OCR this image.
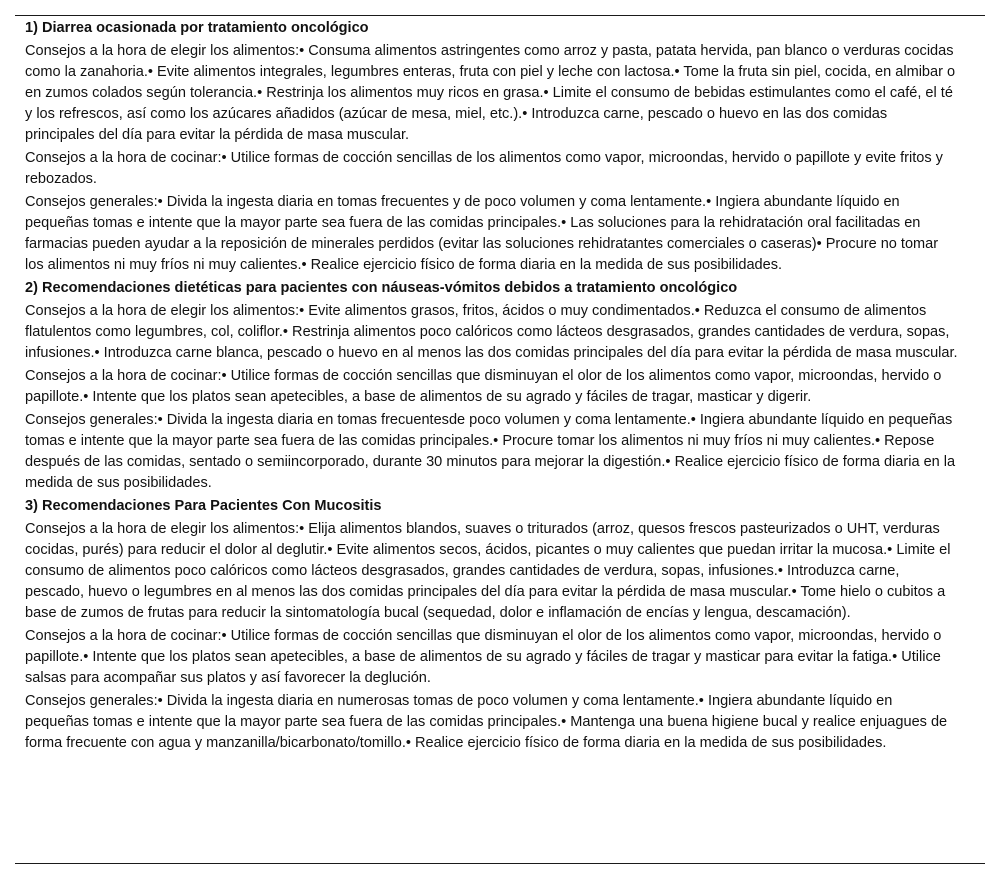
1) Diarrea ocasionada por tratamiento oncológico
Consejos a la hora de elegir los alimentos:• Consuma alimentos astringentes como arroz y pasta, patata hervida, pan blanco o verduras cocidas como la zanahoria.• Evite alimentos integrales, legumbres enteras, fruta con piel y leche con lactosa.• Tome la fruta sin piel, cocida, en almibar o en zumos colados según tolerancia.• Restrinja los alimentos muy ricos en grasa.• Limite el consumo de bebidas estimulantes como el café, el té y los refrescos, así como los azúcares añadidos (azúcar de mesa, miel, etc.).• Introduzca carne, pescado o huevo en las dos comidas principales del día para evitar la pérdida de masa muscular.
Consejos a la hora de cocinar:• Utilice formas de cocción sencillas de los alimentos como vapor, microondas, hervido o papillote y evite fritos y rebozados.
Consejos generales:• Divida la ingesta diaria en tomas frecuentes y de poco volumen y coma lentamente.• Ingiera abundante líquido en pequeñas tomas e intente que la mayor parte sea fuera de las comidas principales.• Las soluciones para la rehidratación oral facilitadas en farmacias pueden ayudar a la reposición de minerales perdidos (evitar las soluciones rehidratantes comerciales o caseras)• Procure no tomar los alimentos ni muy fríos ni muy calientes.• Realice ejercicio físico de forma diaria en la medida de sus posibilidades.
2) Recomendaciones dietéticas para pacientes con náuseas-vómitos debidos a tratamiento oncológico
Consejos a la hora de elegir los alimentos:• Evite alimentos grasos, fritos, ácidos o muy condimentados.• Reduzca el consumo de alimentos flatulentos como legumbres, col, coliflor.• Restrinja alimentos poco calóricos como lácteos desgrasados, grandes cantidades de verdura, sopas, infusiones.• Introduzca carne blanca, pescado o huevo en al menos las dos comidas principales del día para evitar la pérdida de masa muscular.
Consejos a la hora de cocinar:• Utilice formas de cocción sencillas que disminuyan el olor de los alimentos como vapor, microondas, hervido o papillote.• Intente que los platos sean apetecibles, a base de alimentos de su agrado y fáciles de tragar, masticar y digerir.
Consejos generales:• Divida la ingesta diaria en tomas frecuentesde poco volumen y coma lentamente.• Ingiera abundante líquido en pequeñas tomas e intente que la mayor parte sea fuera de las comidas principales.• Procure tomar los alimentos ni muy fríos ni muy calientes.• Repose después de las comidas, sentado o semiincorporado, durante 30 minutos para mejorar la digestión.• Realice ejercicio físico de forma diaria en la medida de sus posibilidades.
3) Recomendaciones Para Pacientes Con Mucositis
Consejos a la hora de elegir los alimentos:• Elija alimentos blandos, suaves o triturados (arroz, quesos frescos pasteurizados o UHT, verduras cocidas, purés) para reducir el dolor al deglutir.• Evite alimentos secos, ácidos, picantes o muy calientes que puedan irritar la mucosa.• Limite el consumo de alimentos poco calóricos como lácteos desgrasados, grandes cantidades de verdura, sopas, infusiones.• Introduzca carne, pescado, huevo o legumbres en al menos las dos comidas principales del día para evitar la pérdida de masa muscular.• Tome hielo o cubitos a base de zumos de frutas para reducir la sintomatología bucal (sequedad, dolor e inflamación de encías y lengua, descamación).
Consejos a la hora de cocinar:• Utilice formas de cocción sencillas que disminuyan el olor de los alimentos como vapor, microondas, hervido o papillote.• Intente que los platos sean apetecibles, a base de alimentos de su agrado y fáciles de tragar y masticar para evitar la fatiga.• Utilice salsas para acompañar sus platos y así favorecer la deglución.
Consejos generales:• Divida la ingesta diaria en numerosas tomas de poco volumen y coma lentamente.• Ingiera abundante líquido en pequeñas tomas e intente que la mayor parte sea fuera de las comidas principales.• Mantenga una buena higiene bucal y realice enjuagues de forma frecuente con agua y manzanilla/bicarbonato/tomillo.• Realice ejercicio físico de forma diaria en la medida de sus posibilidades.
